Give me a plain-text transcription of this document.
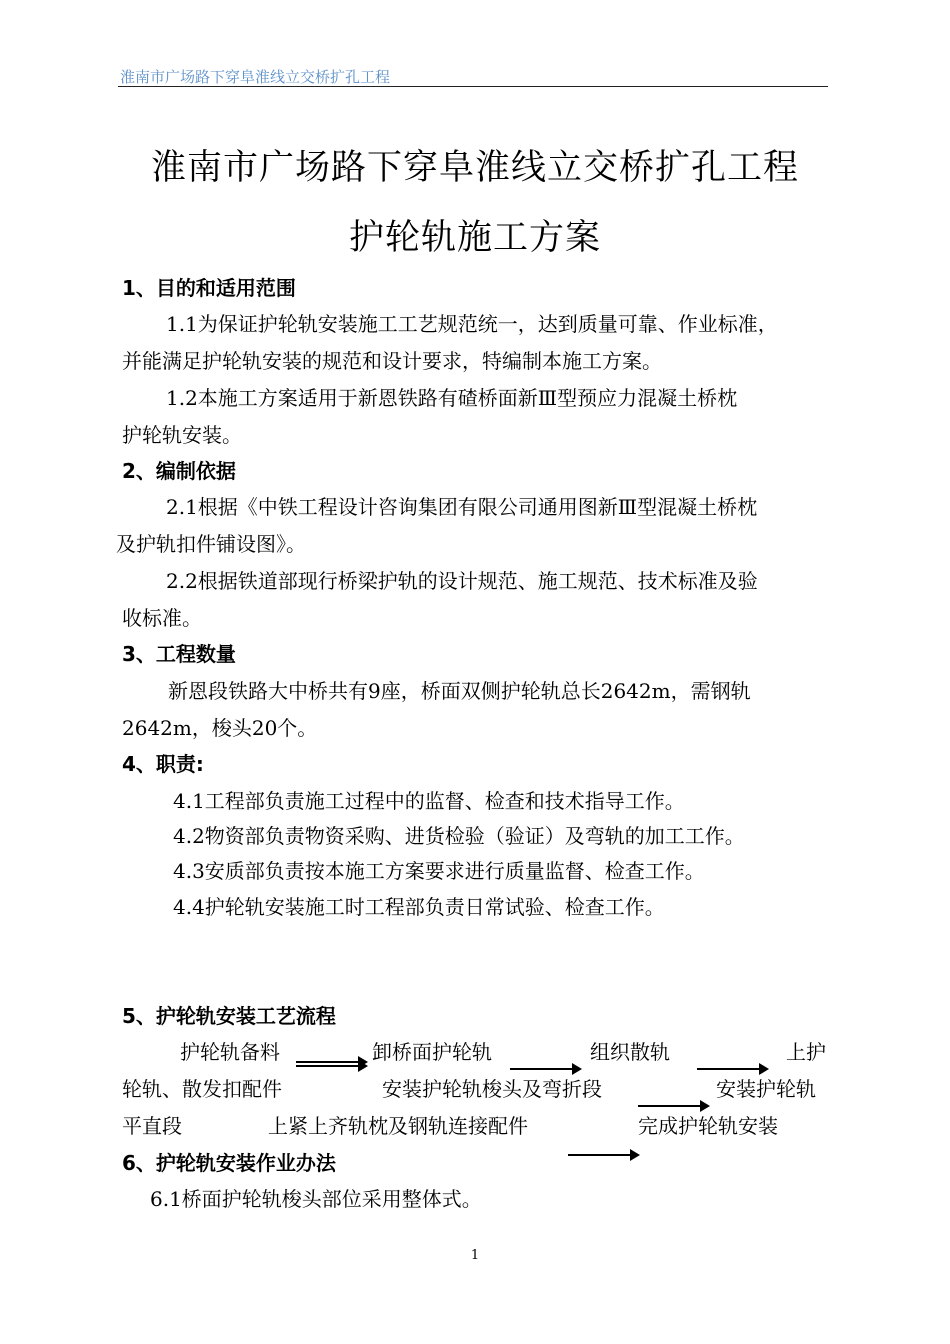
淮南市广场路下穿阜淮线立交桥扩孔工程
淮南市广场路下穿阜淮线立交桥扩孔工程
护轮轨施工方案
1、目的和适用范围
1.1为保证护轮轨安装施工工艺规范统一，达到质量可靠、作业标准，
并能满足护轮轨安装的规范和设计要求，特编制本施工方案。
1.2本施工方案适用于新恩铁路有碴桥面新Ⅲ型预应力混凝土桥枕
护轮轨安装。
2、编制依据
2.1根据《中铁工程设计咨询集团有限公司通用图新Ⅲ型混凝土桥枕
及护轨扣件铺设图》。
2.2根据铁道部现行桥梁护轨的设计规范、施工规范、技术标准及验
收标准。
3、工程数量
新恩段铁路大中桥共有9座，桥面双侧护轮轨总长2642m，需钢轨
2642m，梭头20个。
4、职责:
4.1工程部负责施工过程中的监督、检查和技术指导工作。
4.2物资部负责物资采购、进货检验（验证）及弯轨的加工工作。
4.3安质部负责按本施工方案要求进行质量监督、检查工作。
4.4护轮轨安装施工时工程部负责日常试验、检查工作。
5、护轮轨安装工艺流程
护轮轨备料	卸桥面护轮轨	组织散轨	上护
轮轨、散发扣配件	安装护轮轨梭头及弯折段	安装护轮轨
平直段	上紧上齐轨枕及钢轨连接配件	完成护轮轨安装
6、护轮轨安装作业办法
6.1桥面护轮轨梭头部位采用整体式。
1
